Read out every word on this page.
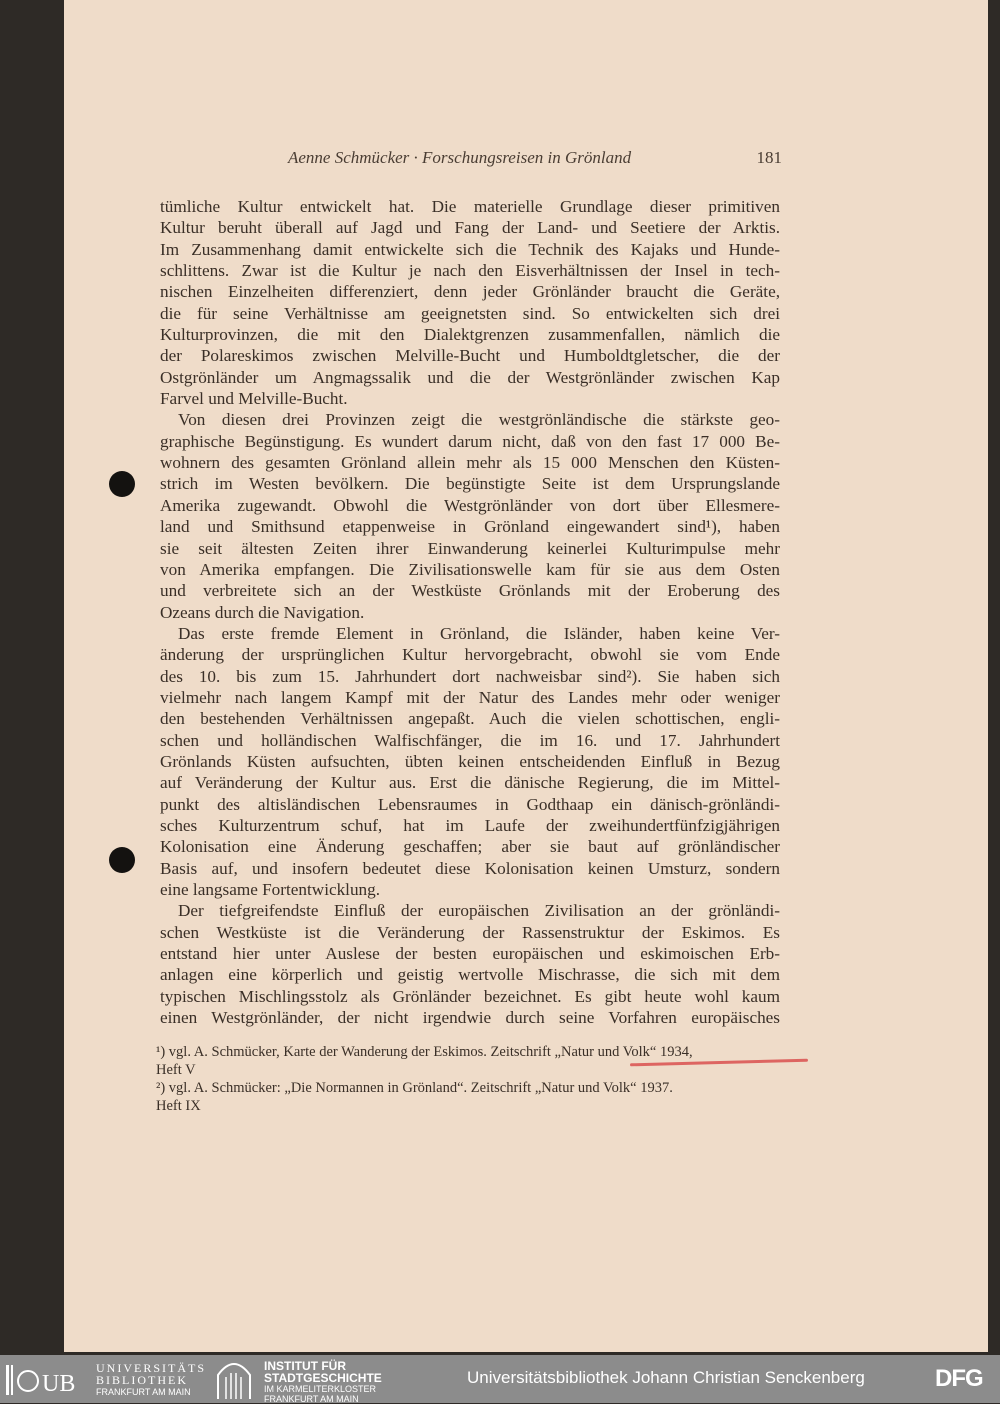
Aenne Schmücker · Forschungsreisen in Grönland	181
tümliche Kultur entwickelt hat. Die materielle Grundlage dieser primitiven
Kultur beruht überall auf Jagd und Fang der Land- und Seetiere der Arktis.
Im Zusammenhang damit entwickelte sich die Technik des Kajaks und Hunde-
schlittens. Zwar ist die Kultur je nach den Eisverhältnissen der Insel in tech-
nischen Einzelheiten differenziert, denn jeder Grönländer braucht die Geräte,
die für seine Verhältnisse am geeignetsten sind. So entwickelten sich drei
Kulturprovinzen, die mit den Dialektgrenzen zusammenfallen, nämlich die
der Polareskimos zwischen Melville-Bucht und Humboldtgletscher, die der
Ostgrönländer um Angmagssalik und die der Westgrönländer zwischen Kap
Farvel und Melville-Bucht.
Von diesen drei Provinzen zeigt die westgrönländische die stärkste geo-
graphische Begünstigung. Es wundert darum nicht, daß von den fast 17 000 Be-
wohnern des gesamten Grönland allein mehr als 15 000 Menschen den Küsten-
strich im Westen bevölkern. Die begünstigte Seite ist dem Ursprungslande
Amerika zugewandt. Obwohl die Westgrönländer von dort über Ellesmere-
land und Smithsund etappenweise in Grönland eingewandert sind¹), haben
sie seit ältesten Zeiten ihrer Einwanderung keinerlei Kulturimpulse mehr
von Amerika empfangen. Die Zivilisationswelle kam für sie aus dem Osten
und verbreitete sich an der Westküste Grönlands mit der Eroberung des
Ozeans durch die Navigation.
Das erste fremde Element in Grönland, die Isländer, haben keine Ver-
änderung der ursprünglichen Kultur hervorgebracht, obwohl sie vom Ende
des 10. bis zum 15. Jahrhundert dort nachweisbar sind²). Sie haben sich
vielmehr nach langem Kampf mit der Natur des Landes mehr oder weniger
den bestehenden Verhältnissen angepaßt. Auch die vielen schottischen, engli-
schen und holländischen Walfischfänger, die im 16. und 17. Jahrhundert
Grönlands Küsten aufsuchten, übten keinen entscheidenden Einfluß in Bezug
auf Veränderung der Kultur aus. Erst die dänische Regierung, die im Mittel-
punkt des altisländischen Lebensraumes in Godthaap ein dänisch-grönländi-
sches Kulturzentrum schuf, hat im Laufe der zweihundertfünfzigjährigen
Kolonisation eine Änderung geschaffen; aber sie baut auf grönländischer
Basis auf, und insofern bedeutet diese Kolonisation keinen Umsturz, sondern
eine langsame Fortentwicklung.
Der tiefgreifendste Einfluß der europäischen Zivilisation an der grönländi-
schen Westküste ist die Veränderung der Rassenstruktur der Eskimos. Es
entstand hier unter Auslese der besten europäischen und eskimoischen Erb-
anlagen eine körperlich und geistig wertvolle Mischrasse, die sich mit dem
typischen Mischlingsstolz als Grönländer bezeichnet. Es gibt heute wohl kaum
einen Westgrönländer, der nicht irgendwie durch seine Vorfahren europäisches
¹) vgl. A. Schmücker, Karte der Wanderung der Eskimos. Zeitschrift „Natur und Volk“ 1934,
Heft V
²) vgl. A. Schmücker: „Die Normannen in Grönland“. Zeitschrift „Natur und Volk“ 1937.
Heft IX
UB
UNIVERSITÄTS
BIBLIOTHEK
FRANKFURT AM MAIN
INSTITUT FÜR
STADTGESCHICHTE
IM KARMELITERKLOSTER
FRANKFURT AM MAIN
Universitätsbibliothek Johann Christian Senckenberg	DFG
